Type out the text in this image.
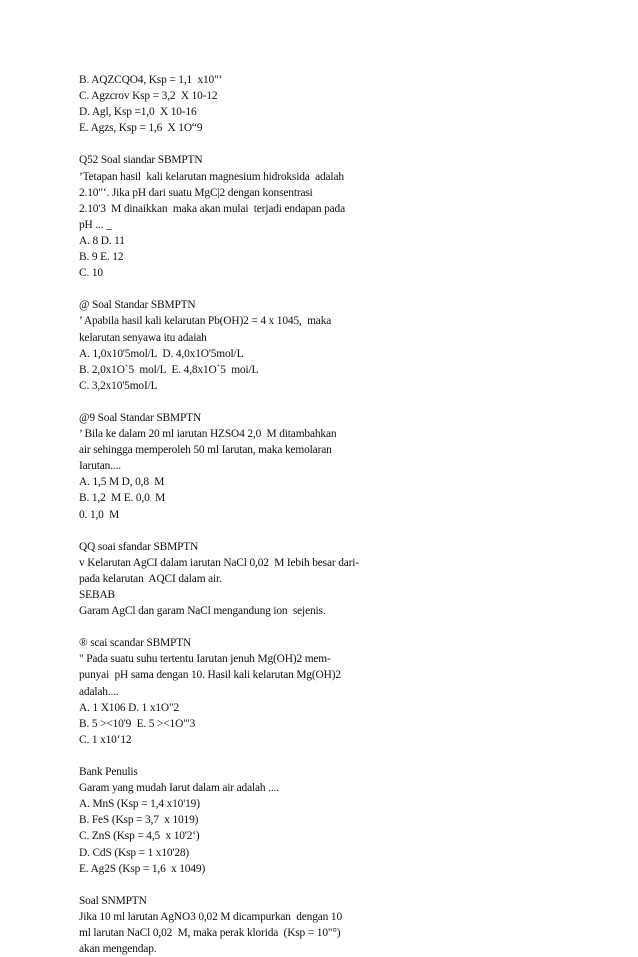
B. AQZCQO4, Ksp = 1,1  x10"‘
C. Agzcrov Ksp = 3,2  X 10-12
D. Agl, Ksp =1,0  X 10-16
E. Agzs, Ksp = 1,6  X 1O“9
Q52 Soal siandar SBMPTN
’Tetapan hasil  kali kelarutan magnesium hidroksida  adalah
2.10"‘. Jika pH dari suatu MgC|2 dengan konsentrasi
2.10'3  M dinaikkan  maka akan mulai  terjadi endapan pada
pH ... _
A. 8 D. 11
B. 9 E. 12
C. 10
@ Soal Standar SBMPTN
’ Apabila hasil kali kelarutan Pb(OH)2 = 4 x 1045,  maka
kelarutan senyawa itu adaiah
A. 1,0x10'5mol/L  D. 4,0x1O'5mol/L
B. 2,0x1O`5  mol/L  E. 4,8x1O`5  moi/L
C. 3,2x10'5moI/L
@9 Soal Standar SBMPTN
’ Bila ke dalam 20 ml iarutan HZSO4 2,0  M ditambahkan
air sehingga memperoleh 50 ml Iarutan, maka kemolaran
Iarutan....
A. 1,5 M D, 0,8  M
B. 1,2  M E. 0,0  M
0. 1,0  M
QQ soai sfandar SBMPTN
v Kelarutan AgCI dalam iarutan NaCl 0,02  M Iebih besar dari-
pada kelarutan  AQCI dalam air.
SEBAB
Garam AgCl dan garam NaCl mengandung ion  sejenis.
® scai scandar SBMPTN
" Pada suatu suhu tertentu Iarutan jenuh Mg(OH)2 mem-
punyai  pH sama dengan 10. Hasil kali kelarutan Mg(OH)2
adalah....
A. 1 X106 D. 1 x1O"2
B. 5 ><10'9  E. 5 ><1O"'3
C. 1 x10‘12
Bank Penulis
Garam yang mudah Iarut dalam air adalah ....
A. MnS (Ksp = 1,4 x10'19)
B. FeS (Ksp = 3,7  x 1019)
C. ZnS (Ksp = 4,5  x 10'2‘)
D. CdS (Ksp = 1 x10'28)
E. Ag2S (Ksp = 1,6  x 1049)
Soal SNMPTN
Jika 10 ml larutan AgNO3 0,02 M dicampurkan  dengan 10
ml larutan NaCl 0,02  M, maka perak klorida  (Ksp = 10"°)
akan mengendap.
